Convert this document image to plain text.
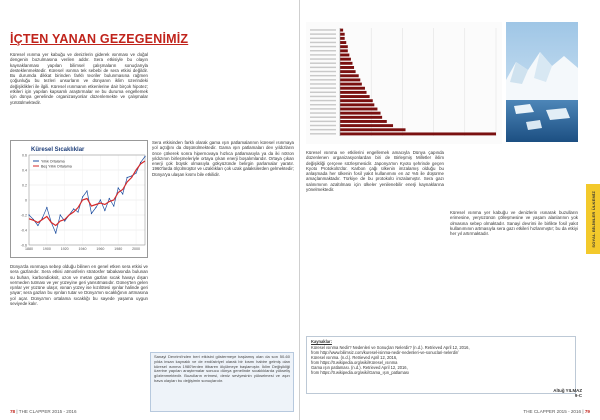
İÇTEN YANAN GEZEGENİMİZ

Küresel ısınma yer kabuğu ve denizlerin giderek ısınması ve doğal dengenin bozulmasına verilen addır. Sera etkisiyle bu olayın kaynaklanması yapılan bilimsel çalışmaların sonuçlarıyla desteklenmektedir. Küresel ısınma tek sebebi de sera etkisi değildir. Bu durumda dikkat birinden farklı teoriler bulunmasına rağmen çoğunluğu bu tezleri unsurların ve dünyanın iklim üzerindeki değişiklikleri ile ilgili. Küresel ısınmanın etkenlerine dair birçok hipotez; etkileri için yapılan kapsamlı araştırmalar ve bu duruma engellemek için dünya genelinde organizasyonlar düzenlemekte ve çalışmalar yürütülmektedir.

Küresel Sıcaklıklar
-0.6
-0.4
-0.2
0
0.2
0.4
0.6
1880	1900	1920	1940	1960	1980	2000
Yıllık Ortalama
Beş Yıllık Ortalama

Sera etkisinden farklı olarak gama ışın patlamalarının küresel ısınmaya yol açtığını da düşünülmektedir. Gama ışın patlamaları dev yıldızların önce çökerek sonra hipernovaya hızlıca patlamasıyla ya da iki nötron yıldızının birleşmeleriyle ortaya çıkan enerji boşalımlarıdır. Ortaya çıkan enerji çok büyük olmasıyla gökyüzünde belirgin parlamalar yaratır. 1960'larda ölçülmüştür ve uzaklıkları çok uzak galaksilerden gelmektedir; Dünya'ya ulaşan kısmı bile etkilidir.

Dünya'da ısınmaya sebep olduğu bilinen en genel etken sera etkisi ve sera gazlarıdır. Sera etkisi atmosferin stratosfer tabakasında bulunan su buharı, karbondioksit, ozon ve metan gazları sıcak havayı dışarı vermeden tutması ve yer yüzeyine geri yansıtmasıdır. Güneş'ten gelen ışınlar yer yüzüne ulaşır, ısınan yüzey ise kızılötesi ışınlar halinde geri yayar; sera gazları bu ışınları tutar ve Dünya'nın sıcaklığının artmasına yol açar. Dünya'nın ortalama sıcaklığı bu sayede yaşama uygun seviyede kalır.

Sanayi Devrimi'nden beri etkisini göstermeye başlamış olan da son 50-60 yılda insan kaynaklı ve de endüstriyel olarak bir kısmı habire gelmiş olan küresel ısınma 1980'lerden itibaren ölçülmeye başlamıştır. İklim Değişikliği üzerine yapılan araştırmalar sonucu dünya genelinde sıcaklıklarda yükseliş gözlenmektedir. Buzulların erimesi, deniz seviyesinin yükselmesi ve aşırı hava olayları bu değişimin sonuçlarıdır.

78 | THE CLAPPER 2015 - 2016

Küresel ısınma ve etkilerini engellemek amacıyla Dünya çapında düzenlenen organizasyonlardan biri de Birleşmiş Milletler iklim değişikliği çerçeve sözleşmesidir. Japonya'nın Kyoto şehrinde geçen Kyoto Protokolü'dür. Karbon çağı ülkenin imzalamış olduğu bu anlaşmada her ülkenin fosil yakıt kullanımını en az %5 ile düşürme amaçlanmaktadır. Türkiye de bu protokolü imzalamıştır. Sera gazı salınımının azaltılması için ülkeler yenilenebilir enerji kaynaklarına yönelmektedir.

Küresel ısınma yer kabuğu ve denizlerin ısınarak buzulların erimesine, yeryüzünün çölleşmesine ve yaşam alanlarının yok olmasına sebep olmaktadır. Sanayi devrimi ile birlikte fosil yakıt kullanımının artmasıyla sera gazı etkileri hızlanmıştır; bu da etkiyi her yıl artırmaktadır.	SOYAL BİLİMLER ÜLKEMİZ
Kaynaklar:
Küresel ısınma Nedir? Nedenleri ve Sonuçları Nelerdir? (n.d.). Retrieved April 12, 2016,
from http://www.bilimsiz.com/kuresel-isinma-nedir-nedenleri-ve-sonuclari-nelerdir/
Küresel ısınma. (n.d.). Retrieved April 12, 2016,
from https://tr.wikipedia.org/wiki/Küresel_ısınma
Gama ışın patlaması. (n.d.). Retrieved April 12, 2016,
from https://tr.wikipedia.org/wiki/Gama_ışın_patlaması
Altuğ YILMAZ
9-C
THE CLAPPER 2015 - 2016 | 79
